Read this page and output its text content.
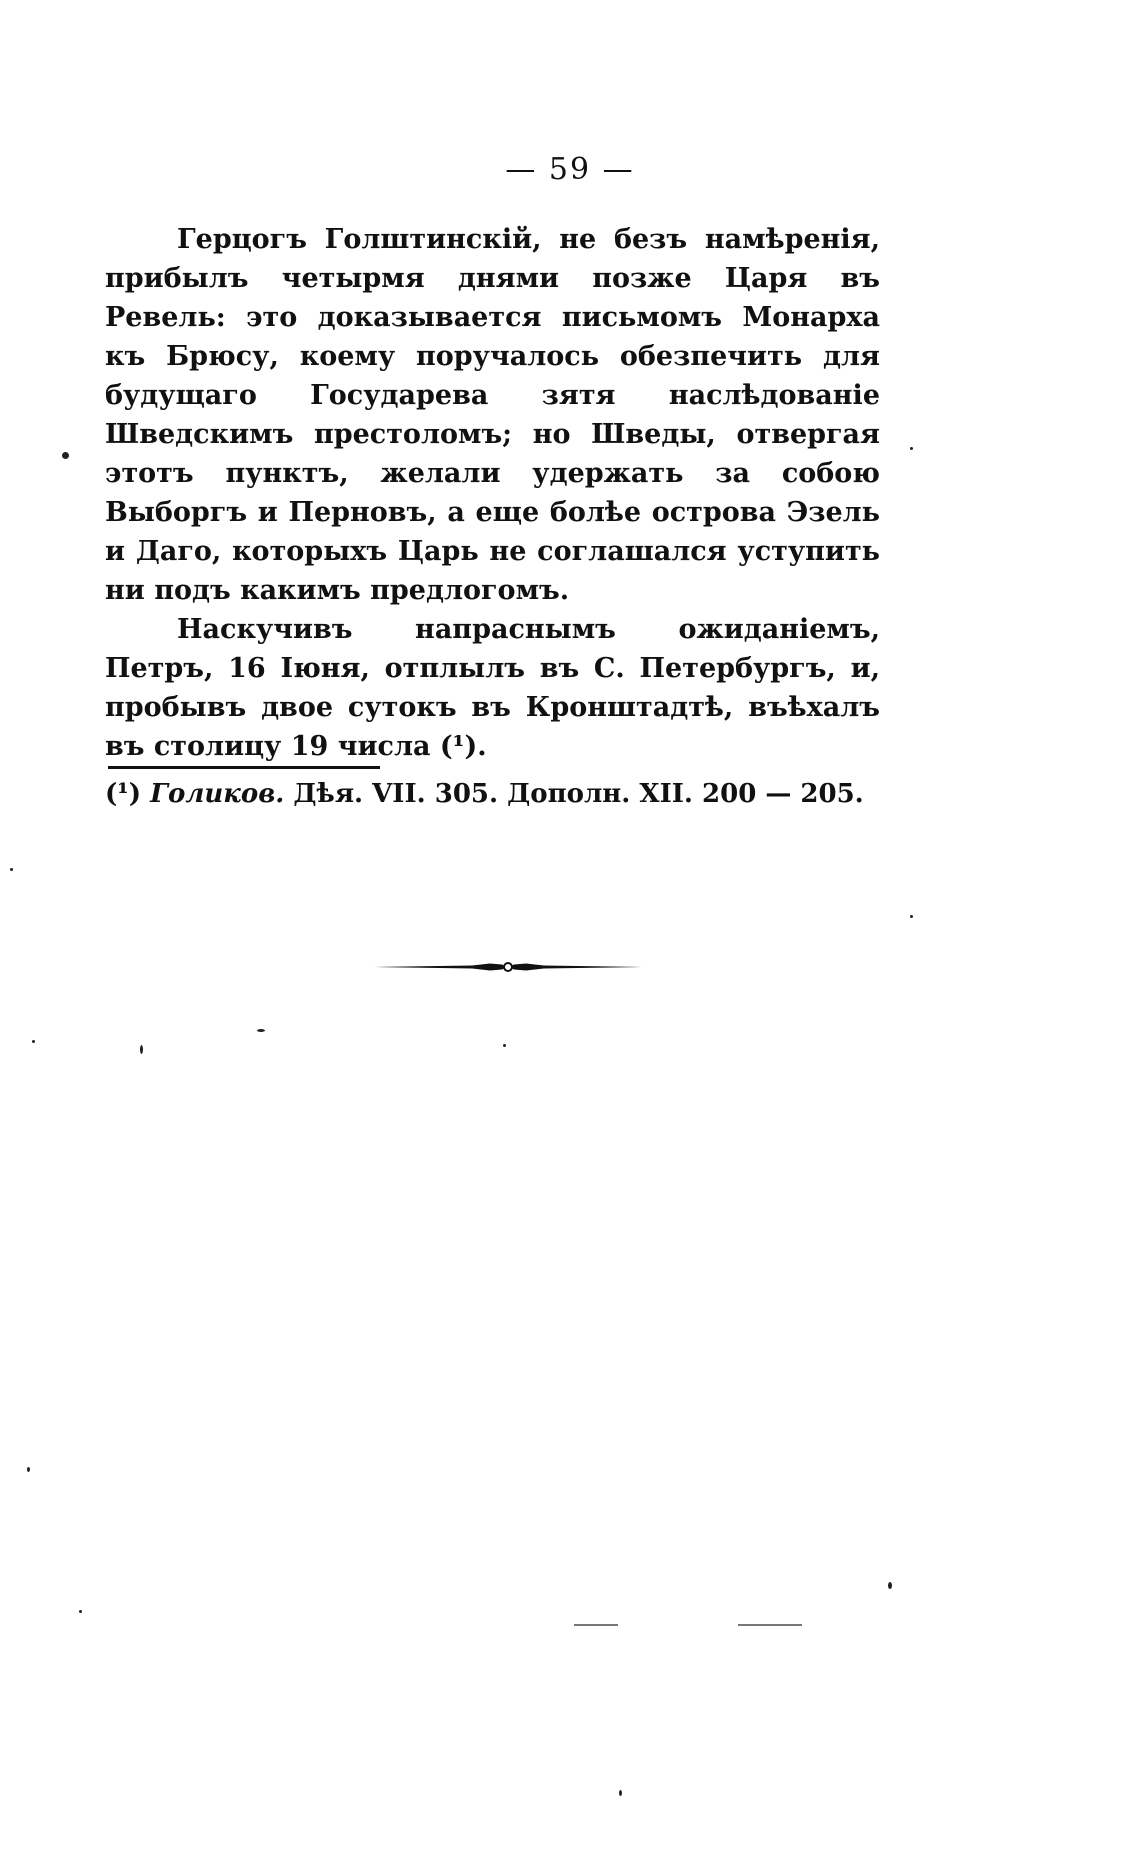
— 59 —

Герцогъ Голштинскій, не безъ намѣренія, прибылъ четырмя днями позже Царя въ Ревель: это доказывается письмомъ Монарха къ Брюсу, коему поручалось обезпечить для будущаго Государева зятя наслѣдованіе Шведскимъ престоломъ; но Шведы, отвергая этотъ пунктъ, желали удержать за собою Выборгъ и Перновъ, а еще болѣе острова Эзель и Даго, которыхъ Царь не соглашался уступить ни подъ какимъ предлогомъ.

Наскучивъ напраснымъ ожиданіемъ, Петръ, 16 Іюня, отплылъ въ С. Петербургъ, и, пробывъ двое сутокъ въ Кронштадтѣ, въѣхалъ въ столицу 19 числа (¹).

(¹) Голиков. Дѣя. VII. 305. Дополн. XII. 200 — 205.
